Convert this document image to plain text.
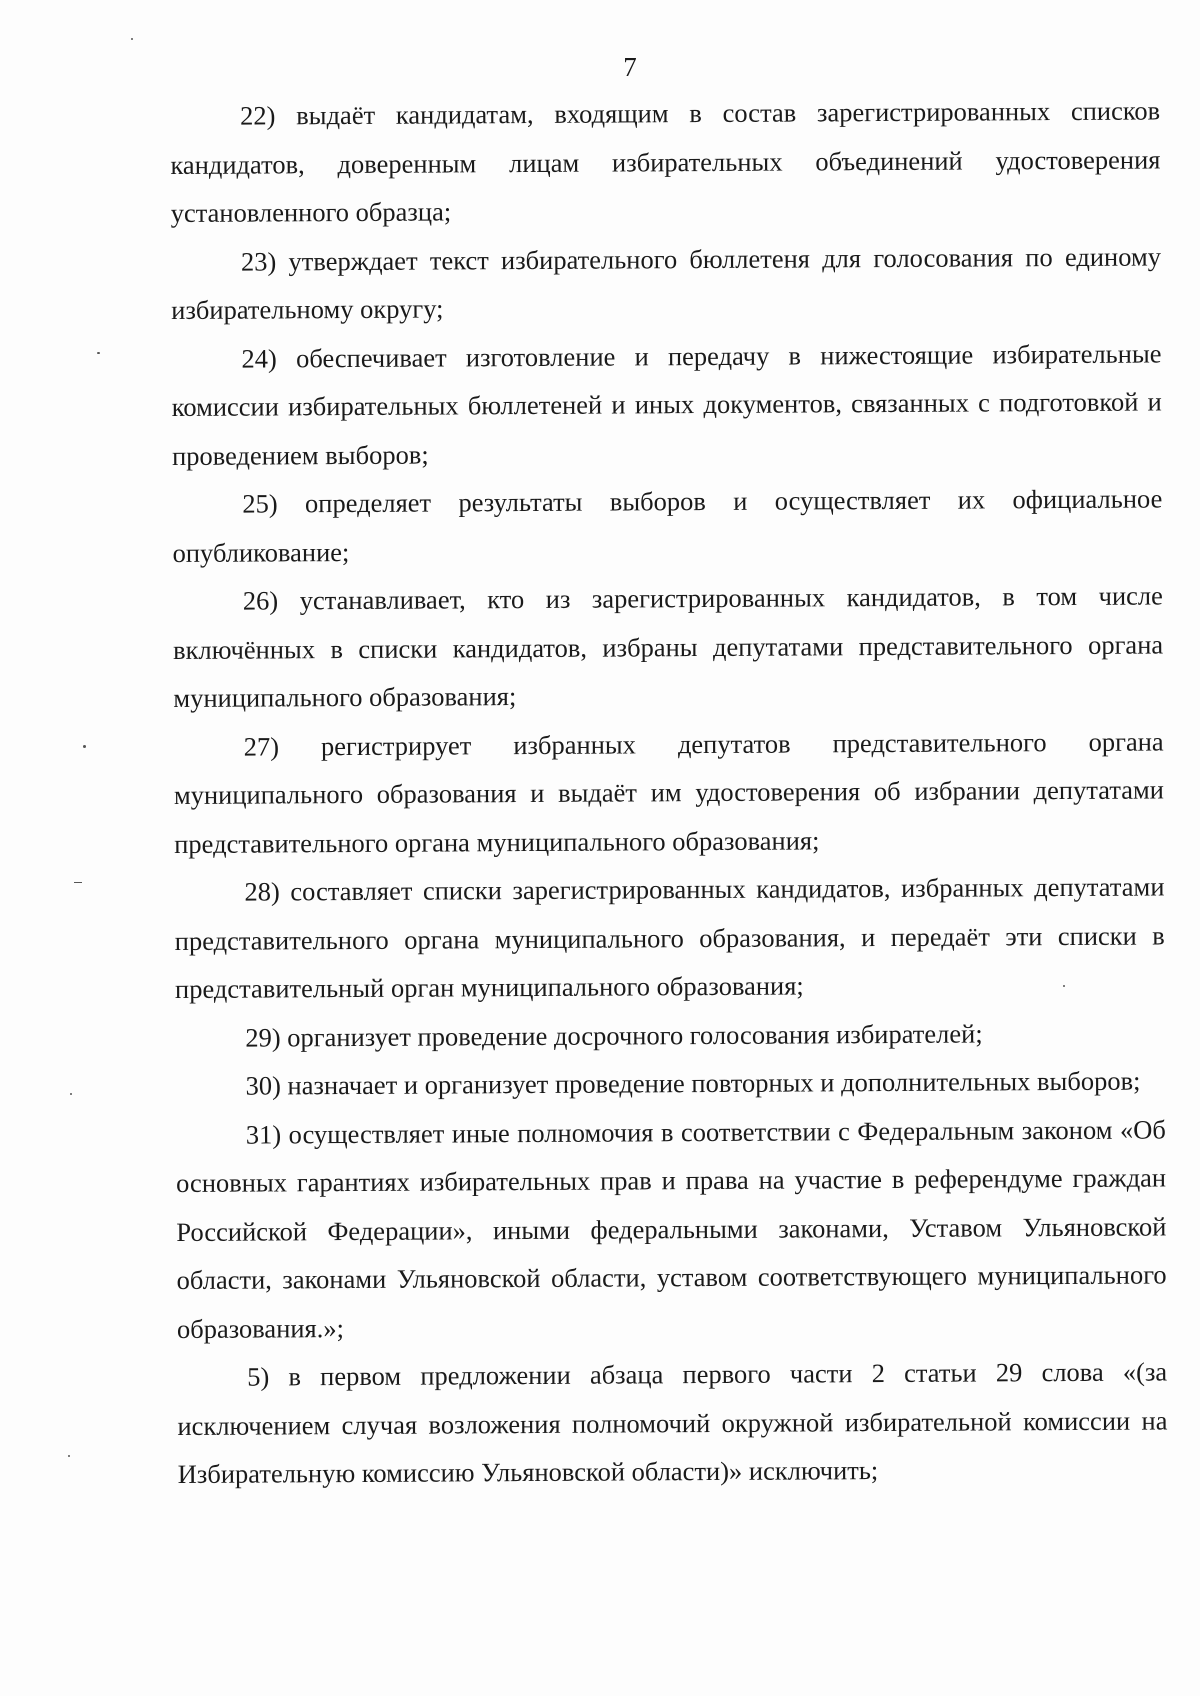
7

22) выдаёт кандидатам, входящим в состав зарегистрированных списков кандидатов, доверенным лицам избирательных объединений удостоверения установленного образца;

23) утверждает текст избирательного бюллетеня для голосования по единому избирательному округу;

24) обеспечивает изготовление и передачу в нижестоящие избирательные комиссии избирательных бюллетеней и иных документов, связанных с подготовкой и проведением выборов;

25) определяет результаты выборов и осуществляет их официальное опубликование;

26) устанавливает, кто из зарегистрированных кандидатов, в том числе включённых в списки кандидатов, избраны депутатами представительного органа муниципального образования;

27) регистрирует избранных депутатов представительного органа муниципального образования и выдаёт им удостоверения об избрании депутатами представительного органа муниципального образования;

28) составляет списки зарегистрированных кандидатов, избранных депутатами представительного органа муниципального образования, и передаёт эти списки в представительный орган муниципального образования;

29) организует проведение досрочного голосования избирателей;

30) назначает и организует проведение повторных и дополнительных выборов;

31) осуществляет иные полномочия в соответствии с Федеральным законом «Об основных гарантиях избирательных прав и права на участие в референдуме граждан Российской Федерации», иными федеральными законами, Уставом Ульяновской области, законами Ульяновской области, уставом соответствующего муниципального образования.»;

5) в первом предложении абзаца первого части 2 статьи 29 слова «(за исключением случая возложения полномочий окружной избирательной комиссии на Избирательную комиссию Ульяновской области)» исключить;
